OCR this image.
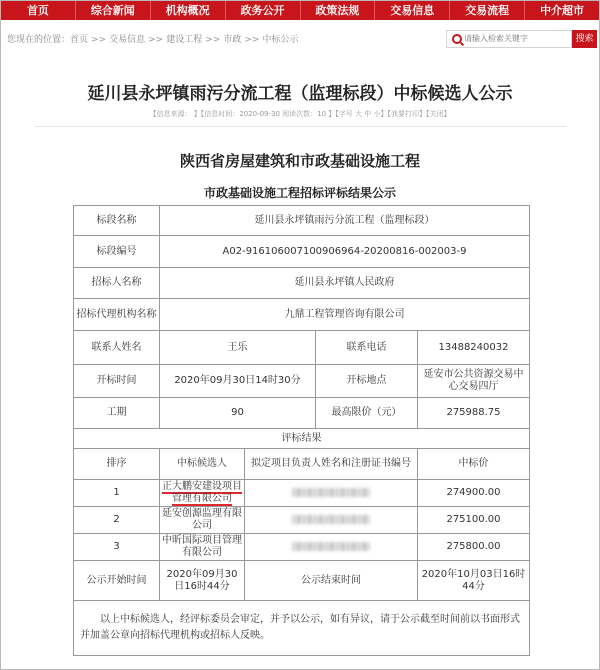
首页	综合新闻	机构概况	政务公开	政策法规	交易信息	交易流程	中介超市
您现在的位置：首页 >> 交易信息 >> 建设工程 >> 市政 >> 中标公示
请输入检索关键字	搜索
延川县永坪镇雨污分流工程（监理标段）中标候选人公示
【信息来源： 】【信息时间：2020-09-30 阅读次数：10 】【字号 大 中 小】【我要打印】【关闭】
陕西省房屋建筑和市政基础设施工程
市政基础设施工程招标评标结果公示
标段名称	延川县永坪镇雨污分流工程（监理标段）			
标段编号	A02-916106007100906964-20200816-002003-9			
招标人名称	延川县永坪镇人民政府			
招标代理机构名称	九鼎工程管理咨询有限公司			
联系人姓名	王乐		联系电话	13488240032
开标时间	2020年09月30日14时30分		开标地点	延安市公共资源交易中心交易四厅
工期	90		最高限价（元）	275988.75
评标结果				
排序	中标候选人	拟定项目负责人姓名和注册证书编号		中标价
1	正大鹏安建设项目管理有限公司			274900.00
2	延安创源监理有限公司			275100.00
3	中昕国际项目管理有限公司			275800.00
公示开始时间	2020年09月30日16时44分	公示结束时间		2020年10月03日16时44分
以上中标候选人，经评标委员会审定，并予以公示，如有异议，请于公示截至时间前以书面形式并加盖公章向招标代理机构或招标人反映。				
